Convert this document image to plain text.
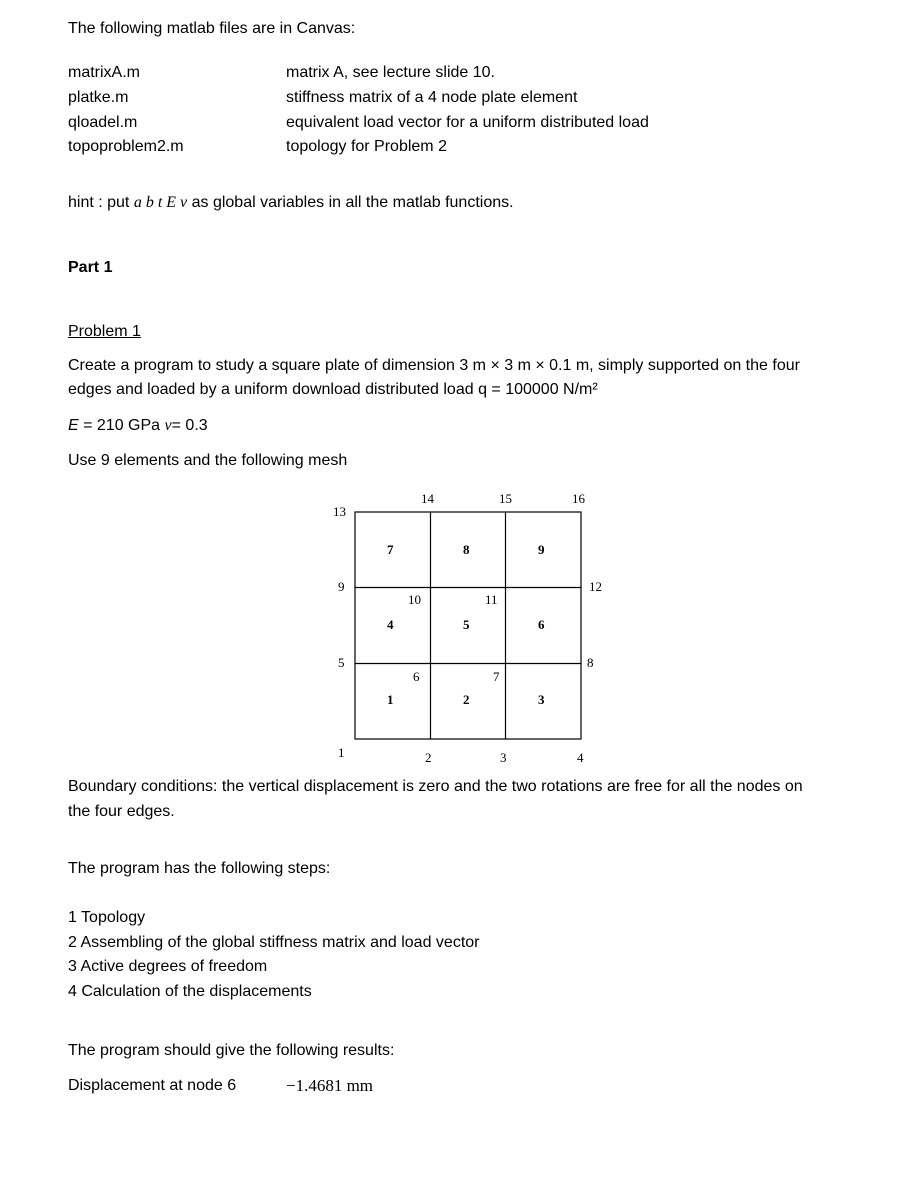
The following matlab files are in Canvas:
matrixA.m	matrix A, see lecture slide 10.
platke.m	stiffness matrix of a 4 node plate element
qloadel.m	equivalent load vector for a uniform distributed load
topoproblem2.m	topology for Problem 2
hint : put a b t E ν as global variables in all the matlab functions.
Part 1
Problem 1
Create a program to study a square plate of dimension 3 m × 3 m × 0.1 m, simply supported on the four
edges and loaded by a uniform download distributed load q = 100000 N/m²
E = 210 GPa ν= 0.3
Use 9 elements and the following mesh
1	2	3	4
5
6	7
8
9
10	11
12
13
14	15	16
1	2	3
4	5	6
7	8	9
Boundary conditions: the vertical displacement is zero and the two rotations are free for all the nodes on
the four edges.
The program has the following steps:
1 Topology
2 Assembling of the global stiffness matrix and load vector
3 Active degrees of freedom
4 Calculation of the displacements
The program should give the following results:
Displacement at node 6	−1.4681 mm
